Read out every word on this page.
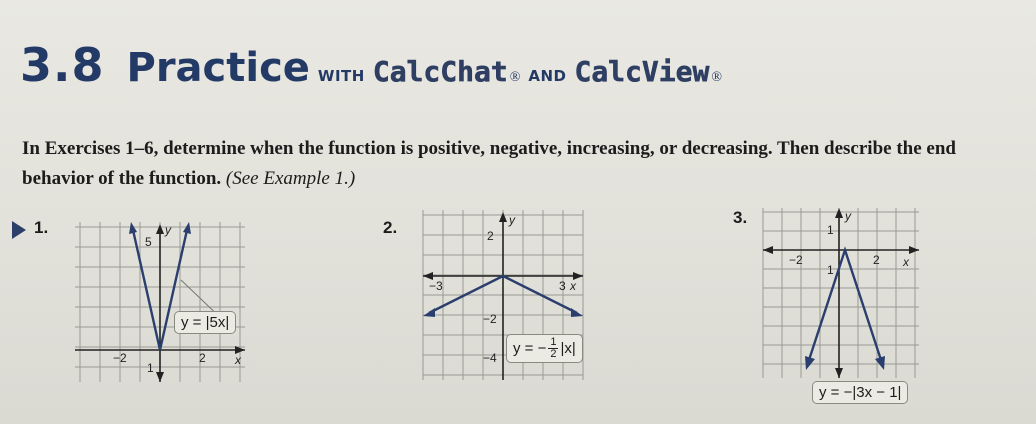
3.8 Practice WITH CalcChat ® AND CalcView ®
In Exercises 1–6, determine when the function is positive, negative, increasing, or decreasing. Then describe the end behavior of the function. (See Example 1.)
1.	y
5
x
−2	2
1
y = |5x|
2.	y
2
−2
−4
−3	3 x
y = − $\frac{1}{2} |x|$
3.	y
1
−2
1
2 x
y = −|3x − 1|
